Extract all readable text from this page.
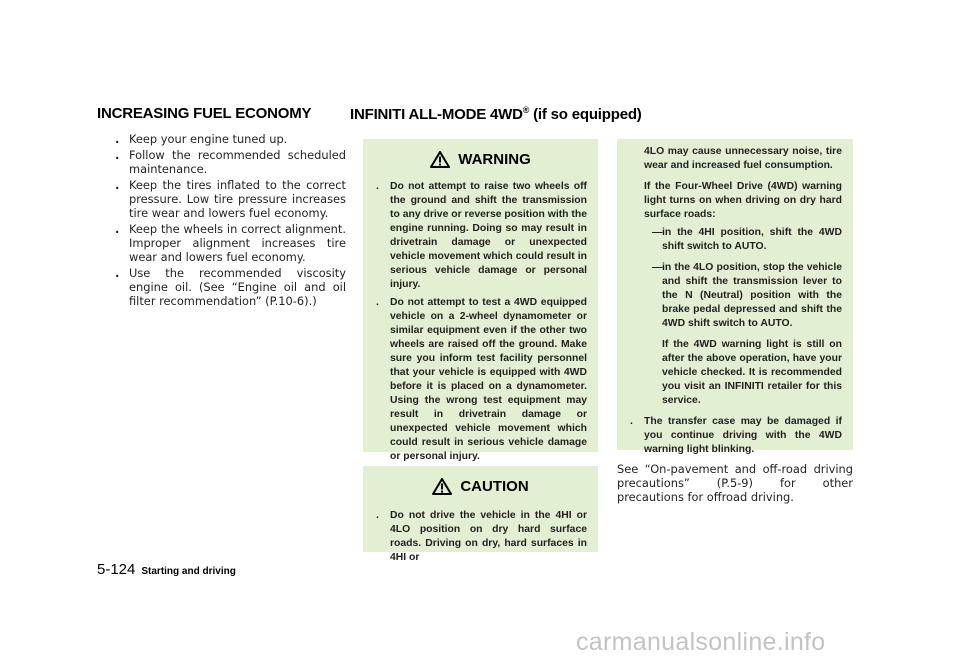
INCREASING FUEL ECONOMY	INFINITI ALL-MODE 4WD® (if so equipped)
. Keep your engine tuned up.
. Follow the recommended scheduled maintenance.
. Keep the tires inflated to the correct pressure. Low tire pressure increases tire wear and lowers fuel economy.
. Keep the wheels in correct alignment. Improper alignment increases tire wear and lowers fuel economy.
. Use the recommended viscosity engine oil. (See “Engine oil and oil filter recommendation” (P.10-6).)
WARNING
. Do not attempt to raise two wheels off the ground and shift the transmission to any drive or reverse position with the engine running. Doing so may result in drivetrain damage or unexpected vehicle movement which could result in serious vehicle damage or personal injury.
. Do not attempt to test a 4WD equipped vehicle on a 2-wheel dynamometer or similar equipment even if the other two wheels are raised off the ground. Make sure you inform test facility personnel that your vehicle is equipped with 4WD before it is placed on a dynamometer. Using the wrong test equipment may result in drivetrain damage or unexpected vehicle movement which could result in serious vehicle damage or personal injury.
CAUTION
. Do not drive the vehicle in the 4HI or 4LO position on dry hard surface roads. Driving on dry, hard surfaces in 4HI or
4LO may cause unnecessary noise, tire wear and increased fuel consumption.
If the Four-Wheel Drive (4WD) warning light turns on when driving on dry hard surface roads:
— in the 4HI position, shift the 4WD shift switch to AUTO.
— in the 4LO position, stop the vehicle and shift the transmission lever to the N (Neutral) position with the brake pedal depressed and shift the 4WD shift switch to AUTO.
If the 4WD warning light is still on after the above operation, have your vehicle checked. It is recommended you visit an INFINITI retailer for this service.
. The transfer case may be damaged if you continue driving with the 4WD warning light blinking.
See “On-pavement and off-road driving precautions” (P.5-9) for other precautions for offroad driving.
5-124 Starting and driving
carmanualsonline.info
